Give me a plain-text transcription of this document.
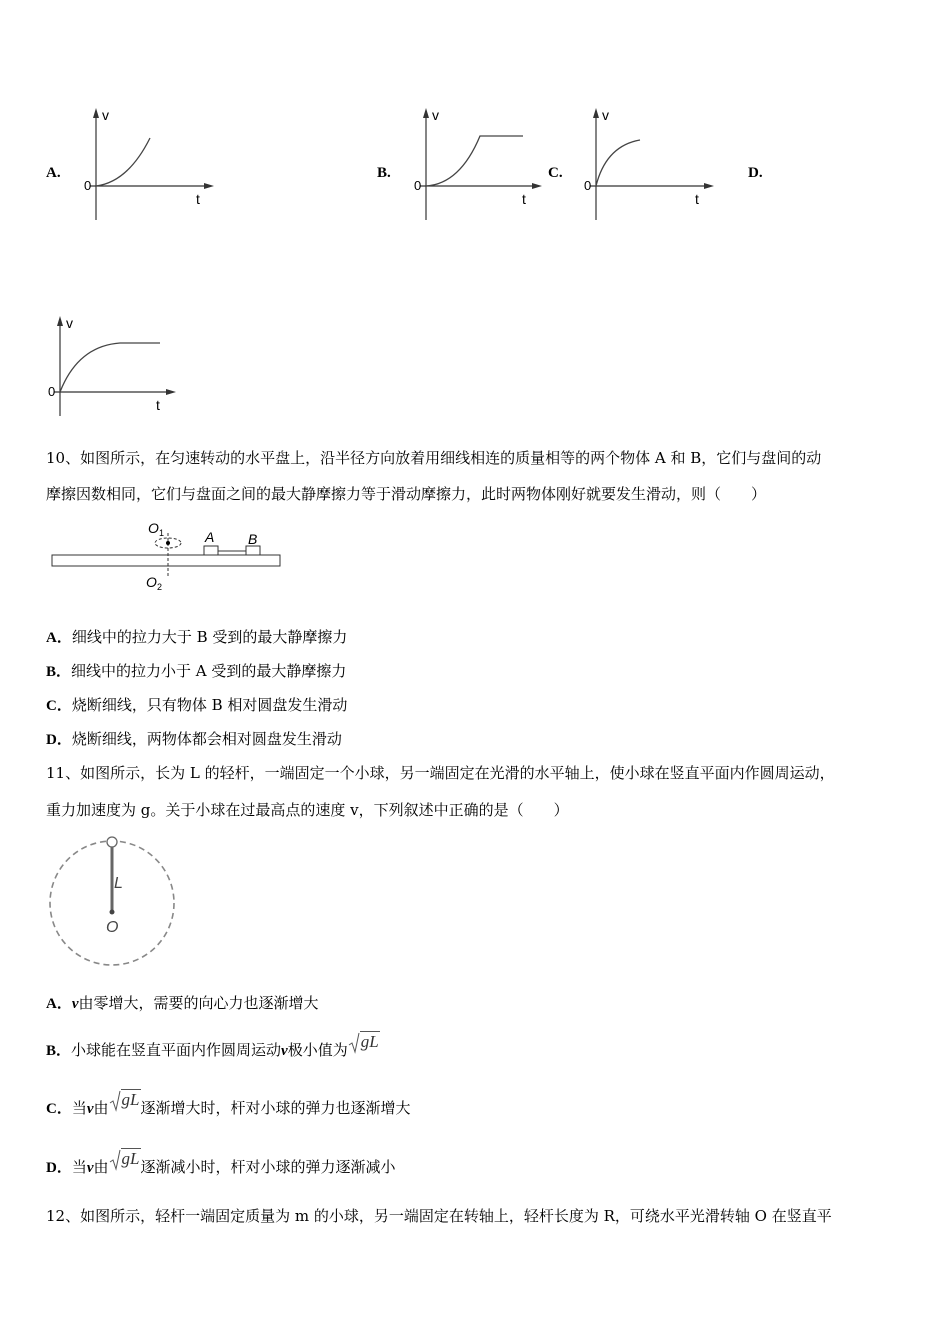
A.
v
t
0
B.
v
t
0
C.
v
t
0
D.
v
t
0
10、如图所示，在匀速转动的水平盘上，沿半径方向放着用细线相连的质量相等的两个物体 A 和 B，它们与盘间的动
摩擦因数相同，它们与盘面之间的最大静摩擦力等于滑动摩擦力，此时两物体刚好就要发生滑动，则（　　）
O 1
O 2
A B
A．细线中的拉力大于 B 受到的最大静摩擦力
B．细线中的拉力小于 A 受到的最大静摩擦力
C．烧断细线，只有物体 B 相对圆盘发生滑动
D．烧断细线，两物体都会相对圆盘发生滑动
11、如图所示，长为 L 的轻杆，一端固定一个小球，另一端固定在光滑的水平轴上，使小球在竖直平面内作圆周运动，
重力加速度为 g。关于小球在过最高点的速度 v，下列叙述中正确的是（　　）
L
O
A．v由零增大，需要的向心力也逐渐增大
B．小球能在竖直平面内作圆周运动v极小值为 gL
C．当v由 gL逐渐增大时，杆对小球的弹力也逐渐增大
D．当v由 gL逐渐减小时，杆对小球的弹力逐渐减小
12、如图所示，轻杆一端固定质量为 m 的小球，另一端固定在转轴上，轻杆长度为 R，可绕水平光滑转轴 O 在竖直平
